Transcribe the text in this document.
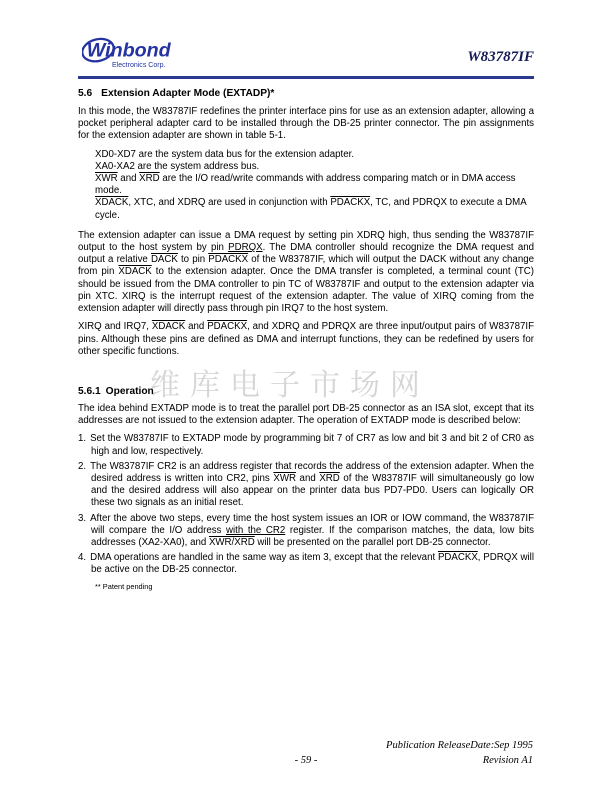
Winbond
Electronics Corp.
W83787IF
维库电子市场网

5.6 Extension Adapter Mode (EXTADP)*

In this mode, the W83787IF redefines the printer interface pins for use as an extension adapter, allowing a pocket peripheral adapter card to be installed through the DB-25 printer connector. The pin assignments for the extension adapter are shown in table 5-1.

XD0-XD7 are the system data bus for the extension adapter.

XA0-XA2 are the system address bus.

$\overline{XWR}$ and $\overline{XRD}$ are the I/O read/write commands with address comparing match or in DMA access mode.

XDACK, XTC, and XDRQ are used in conjunction with PDACKX, TC, and PDRQX to execute a DMA cycle.

The extension adapter can issue a DMA request by setting pin XDRQ high, thus sending the W83787IF output to the host system by pin PDRQX. The DMA controller should recognize the DMA request and output a relative DACK to pin PDACKX of the W83787IF, which will output the DACK without any change from pin XDACK to the extension adapter. Once the DMA transfer is completed, a terminal count (TC) should be issued from the DMA controller to pin TC of W83787IF and output to the extension adapter via pin XTC. XIRQ is the interrupt request of the extension adapter. The value of XIRQ coming from the extension adapter will directly pass through pin IRQ7 to the host system.

XIRQ and IRQ7, XDACK and PDACKX, and XDRQ and PDRQX are three input/output pairs of W83787IF pins. Although these pins are defined as DMA and interrupt functions, they can be redefined by users for other specific functions.

5.6.1 Operation

The idea behind EXTADP mode is to treat the parallel port DB-25 connector as an ISA slot, except that its addresses are not issued to the extension adapter. The operation of EXTADP mode is described below:

1. Set the W83787IF to EXTADP mode by programming bit 7 of CR7 as low and bit 3 and bit 2 of CR0 as high and low, respectively.

2. The W83787IF CR2 is an address register that records the address of the extension adapter. When the desired address is written into CR2, pins $\overline{XWR}$ and $\overline{XRD}$ of the W83787IF will simultaneously go low and the desired address will also appear on the printer data bus PD7-PD0. Users can logically OR these two signals as an initial reset.

3. After the above two steps, every time the host system issues an IOR or IOW command, the W83787IF will compare the I/O address with the CR2 register. If the comparison matches, the data, low bits addresses (XA2-XA0), and XWR/XRD will be presented on the parallel port DB-25 connector.

4. DMA operations are handled in the same way as item 3, except that the relevant PDACKX, PDRQX will be active on the DB-25 connector.

** Patent pending

Publication ReleaseDate:Sep 1995
- 59 -	Revision A1
